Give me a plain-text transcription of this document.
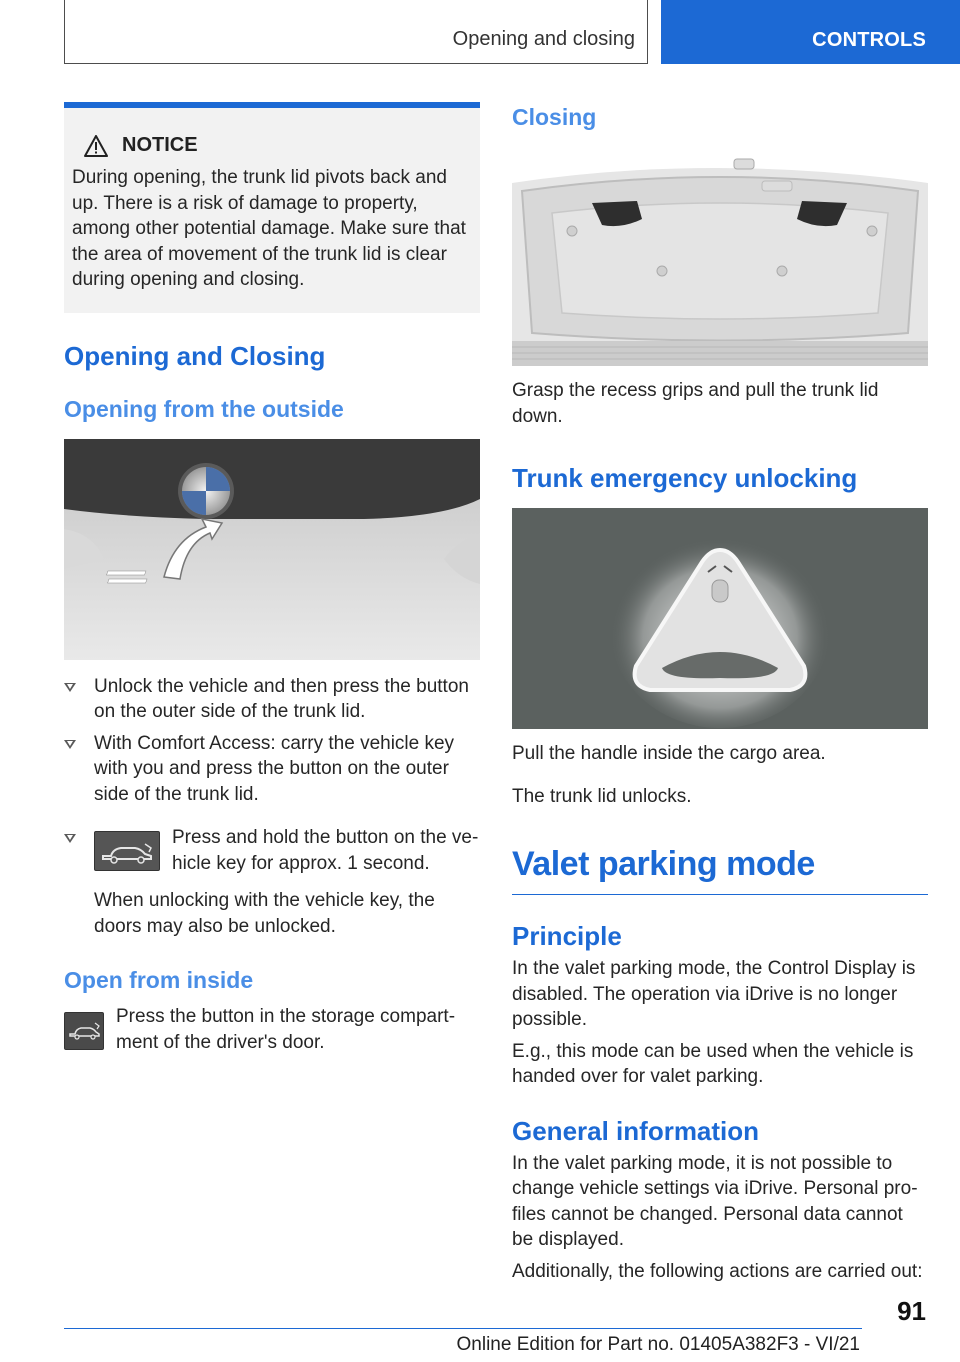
Opening and closing	CONTROLS
NOTICE

During opening, the trunk lid pivots back and up. There is a risk of damage to property, among other potential damage. Make sure that the area of movement of the trunk lid is clear during opening and closing.

Opening and Closing
Opening from the outside
Unlock the vehicle and then press the button on the outer side of the trunk lid.
With Comfort Access: carry the vehicle key with you and press the button on the outer side of the trunk lid.
Press and hold the button on the vehicle key for approx. 1 second.

When unlocking with the vehicle key, the doors may also be unlocked.

Open from inside

Press the button in the storage compartment of the driver's door.

Closing

Grasp the recess grips and pull the trunk lid down.

Trunk emergency unlocking

Pull the handle inside the cargo area.

The trunk lid unlocks.

Valet parking mode
Principle

In the valet parking mode, the Control Display is disabled. The operation via iDrive is no longer possible.

E.g., this mode can be used when the vehicle is handed over for valet parking.

General information

In the valet parking mode, it is not possible to change vehicle settings via iDrive. Personal profiles cannot be changed. Personal data cannot be displayed.

Additionally, the following actions are carried out:

91
Online Edition for Part no. 01405A382F3 - VI/21
